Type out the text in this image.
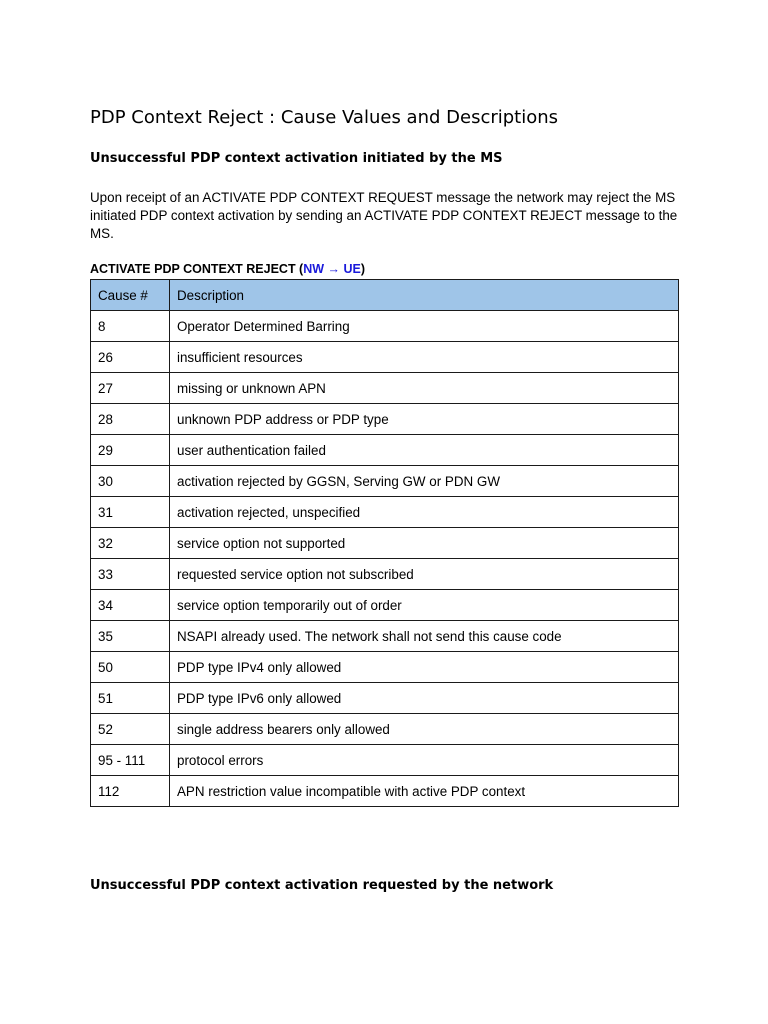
PDP Context Reject : Cause Values and Descriptions
Unsuccessful PDP context activation initiated by the MS

Upon receipt of an ACTIVATE PDP CONTEXT REQUEST message the network may reject the MS initiated PDP context activation by sending an ACTIVATE PDP CONTEXT REJECT message to the MS.

ACTIVATE PDP CONTEXT REJECT (NW → UE)
Cause #	Description
8	Operator Determined Barring
26	insufficient resources
27	missing or unknown APN
28	unknown PDP address or PDP type
29	user authentication failed
30	activation rejected by GGSN, Serving GW or PDN GW
31	activation rejected, unspecified
32	service option not supported
33	requested service option not subscribed
34	service option temporarily out of order
35	NSAPI already used. The network shall not send this cause code
50	PDP type IPv4 only allowed
51	PDP type IPv6 only allowed
52	single address bearers only allowed
95 - 111	protocol errors
112	APN restriction value incompatible with active PDP context
Unsuccessful PDP context activation requested by the network
